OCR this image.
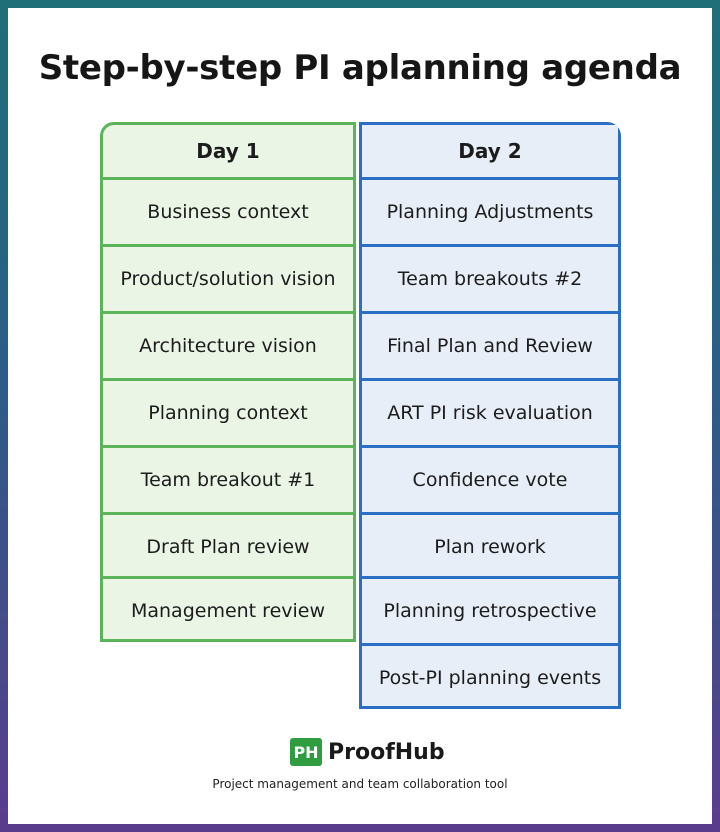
Step-by-step PI aplanning agenda
Day 1
Business context
Product/solution vision
Architecture vision
Planning context
Team breakout #1
Draft Plan review
Management review
Day 2
Planning Adjustments
Team breakouts #2
Final Plan and Review
ART PI risk evaluation
Confidence vote
Plan rework
Planning retrospective
Post-PI planning events
PH ProofHub
Project management and team collaboration tool
